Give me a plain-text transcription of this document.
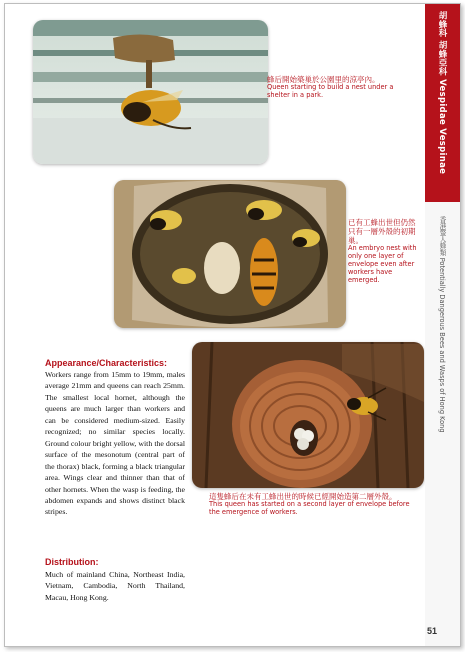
蜂后開始築巢於公園里的涼亭內。
Queen starting to build a nest under a shelter in a park.
已有工蜂出世但仍然只有一層外殼的初期巢。
An embryo nest with only one layer of envelope even after workers have emerged.
Appearance/Characteristics:
Workers range from 15mm to 19mm, males average 21mm and queens can reach 25mm. The smallest local hornet, although the queens are much larger than workers and can be considered medium-sized. Easily recognized; no similar species locally. Ground colour bright yellow, with the dorsal surface of the mesonotum (central part of the thorax) black, forming a black triangular area. Wings clear and thinner than that of other hornets. When the wasp is feeding, the abdomen expands and shows distinct black stripes.
Distribution:
Much of mainland China, Northeast India, Vietnam, Cambodia, North Thailand, Macau, Hong Kong.
這隻蜂后在未有工蜂出世的時候已經開始造第二層外殼。
This queen has started on a second layer of envelope before the emergence of workers.
胡蜂科 胡蜂亞科 Vespidae Vespinae
香港螫人蜂類 Potentially Dangerous Bees and Wasps of Hong Kong
51
